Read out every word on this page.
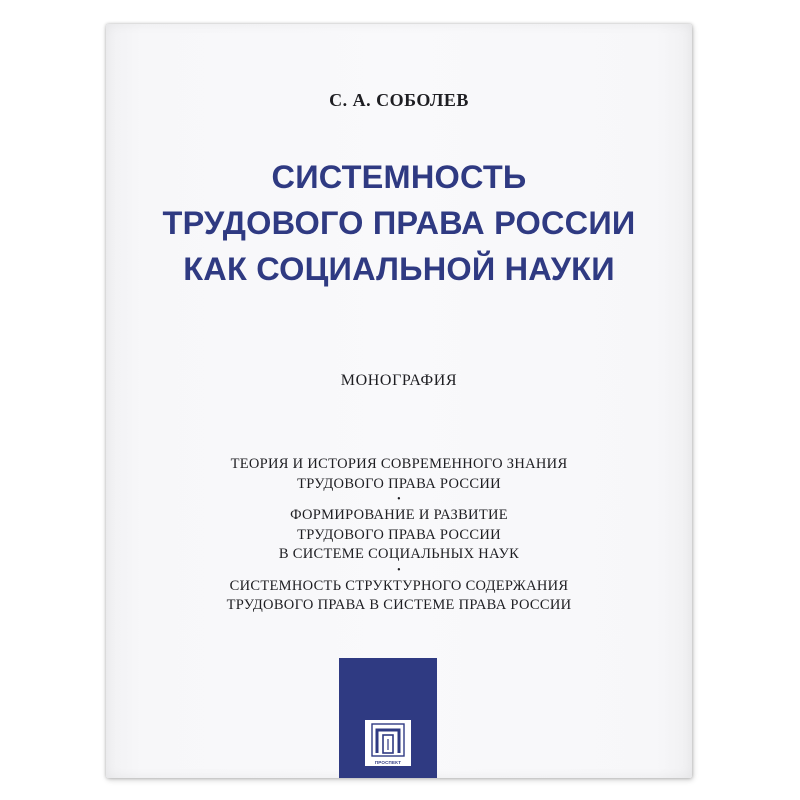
С. А. СОБОЛЕВ
СИСТЕМНОСТЬ
ТРУДОВОГО ПРАВА РОССИИ
КАК СОЦИАЛЬНОЙ НАУКИ
МОНОГРАФИЯ
ТЕОРИЯ И ИСТОРИЯ СОВРЕМЕННОГО ЗНАНИЯ
ТРУДОВОГО ПРАВА РОССИИ
•
ФОРМИРОВАНИЕ И РАЗВИТИЕ
ТРУДОВОГО ПРАВА РОССИИ
В СИСТЕМЕ СОЦИАЛЬНЫХ НАУК
•
СИСТЕМНОСТЬ СТРУКТУРНОГО СОДЕРЖАНИЯ
ТРУДОВОГО ПРАВА В СИСТЕМЕ ПРАВА РОССИИ
ПРОСПЕКТ
